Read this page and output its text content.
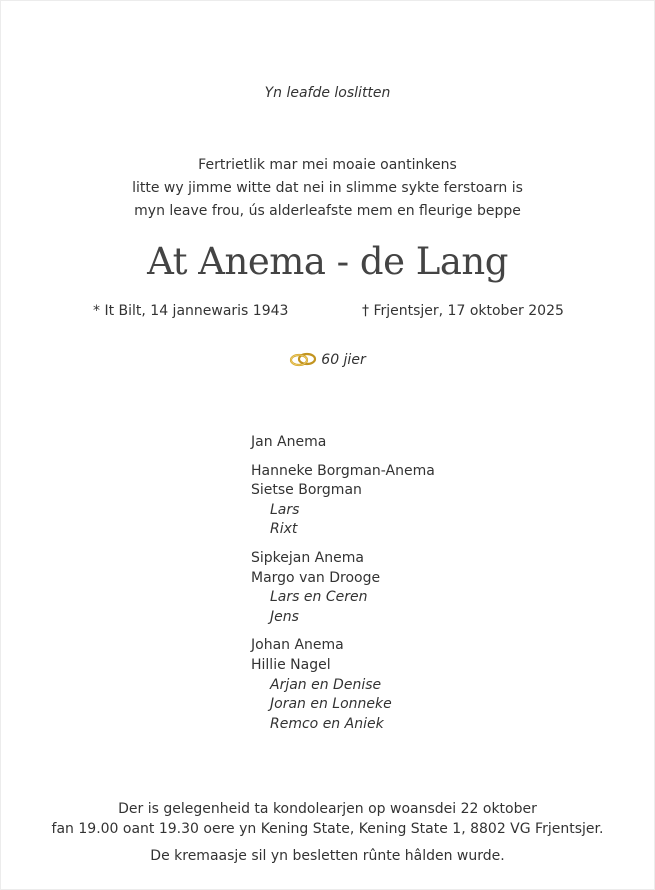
Yn leafde loslitten
Fertrietlik mar mei moaie oantinkens
litte wy jimme witte dat nei in slimme sykte ferstoarn is
myn leave frou, ús alderleafste mem en fleurige beppe
At Anema - de Lang
* It Bilt, 14 jannewaris 1943	† Frjentsjer, 17 oktober 2025
60 jier
Jan Anema
Hanneke Borgman-Anema
Sietse Borgman
Lars
Rixt
Sipkejan Anema
Margo van Drooge
Lars en Ceren
Jens
Johan Anema
Hillie Nagel
Arjan en Denise
Joran en Lonneke
Remco en Aniek
Der is gelegenheid ta kondolearjen op woansdei 22 oktober
fan 19.00 oant 19.30 oere yn Kening State, Kening State 1, 8802 VG Frjentsjer.
De kremaasje sil yn besletten rûnte hâlden wurde.
